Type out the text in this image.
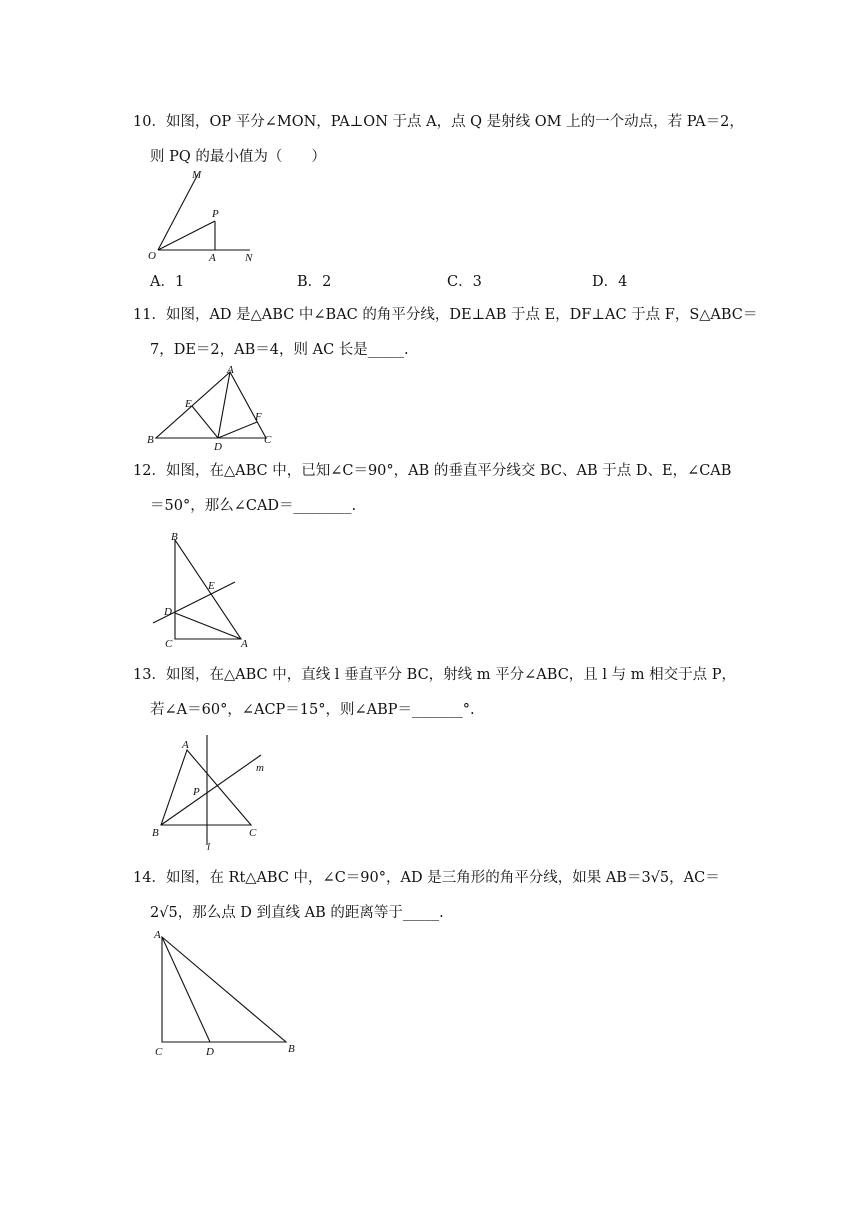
10．如图，OP 平分∠MON，PA⊥ON 于点 A，点 Q 是射线 OM 上的一个动点，若 PA＝2，
则 PQ 的最小值为（　　）
M
P
O	A	N
A．1	B．2	C．3	D．4
11．如图，AD 是△ABC 中∠BAC 的角平分线，DE⊥AB 于点 E，DF⊥AC 于点 F，S△ABC＝
7，DE＝2，AB＝4，则 AC 长是_____.
A
E
F
B
D
C
12．如图，在△ABC 中，已知∠C＝90°，AB 的垂直平分线交 BC、AB 于点 D、E，∠CAB
＝50°，那么∠CAD＝________.
B
E
D
C	A
13．如图，在△ABC 中，直线 l 垂直平分 BC，射线 m 平分∠ABC，且 l 与 m 相交于点 P，
若∠A＝60°，∠ACP＝15°，则∠ABP＝_______°.
A
m
P
B	C
l
14．如图，在 Rt△ABC 中，∠C＝90°，AD 是三角形的角平分线，如果 AB＝3√5，AC＝
2√5，那么点 D 到直线 AB 的距离等于_____.
A
C	D	B
